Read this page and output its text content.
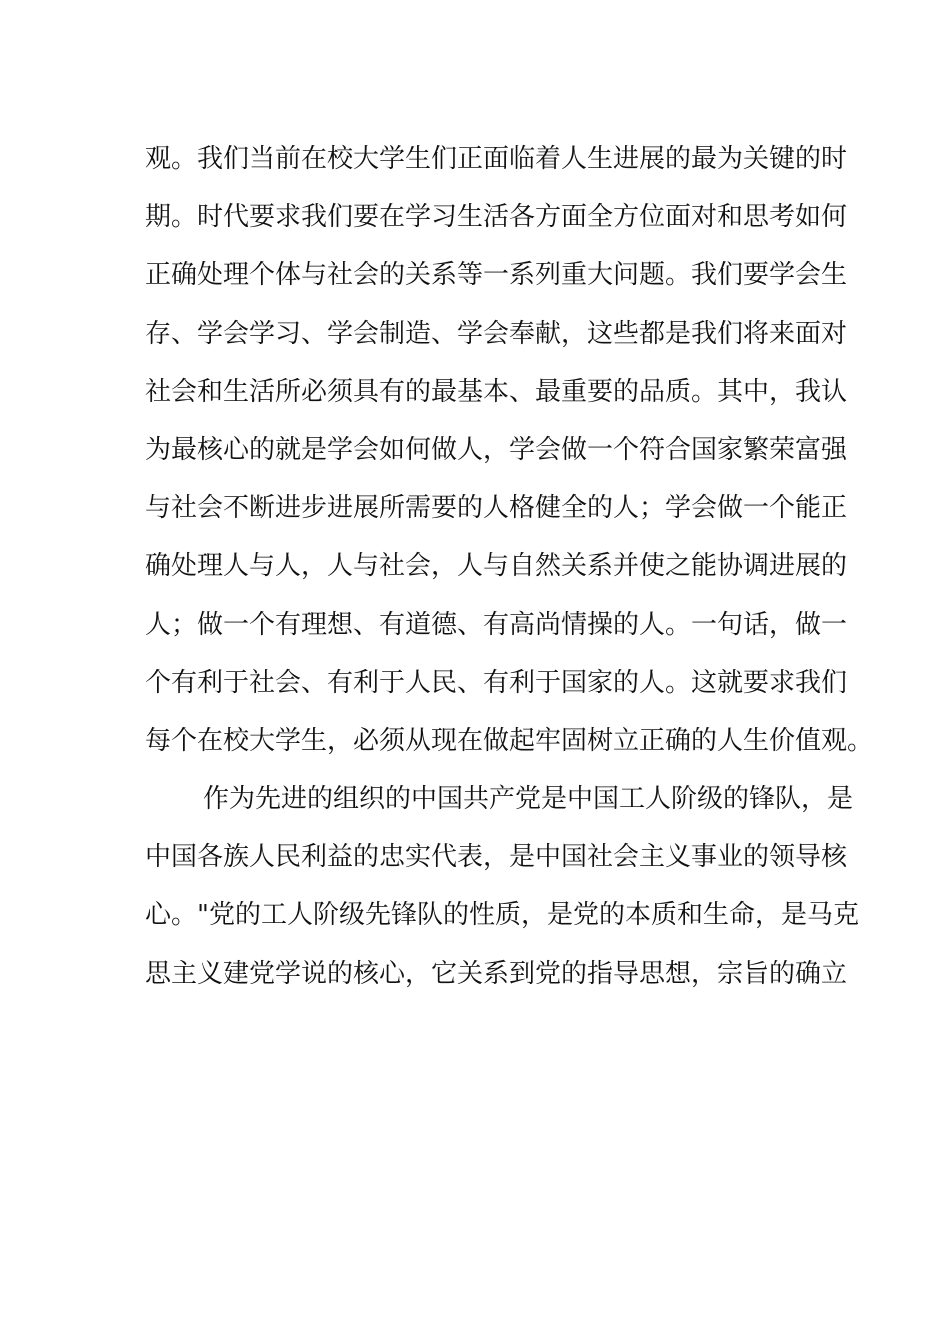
观。我们当前在校大学生们正面临着人生进展的最为关键的时
期。时代要求我们要在学习生活各方面全方位面对和思考如何
正确处理个体与社会的关系等一系列重大问题。我们要学会生
存、学会学习、学会制造、学会奉献，这些都是我们将来面对
社会和生活所必须具有的最基本、最重要的品质。其中，我认
为最核心的就是学会如何做人，学会做一个符合国家繁荣富强
与社会不断进步进展所需要的人格健全的人；学会做一个能正
确处理人与人，人与社会，人与自然关系并使之能协调进展的
人；做一个有理想、有道德、有高尚情操的人。一句话，做一
个有利于社会、有利于人民、有利于国家的人。这就要求我们
每个在校大学生，必须从现在做起牢固树立正确的人生价值观。
作为先进的组织的中国共产党是中国工人阶级的锋队，是
中国各族人民利益的忠实代表，是中国社会主义事业的领导核
心。"党的工人阶级先锋队的性质，是党的本质和生命，是马克
思主义建党学说的核心，它关系到党的指导思想，宗旨的确立
